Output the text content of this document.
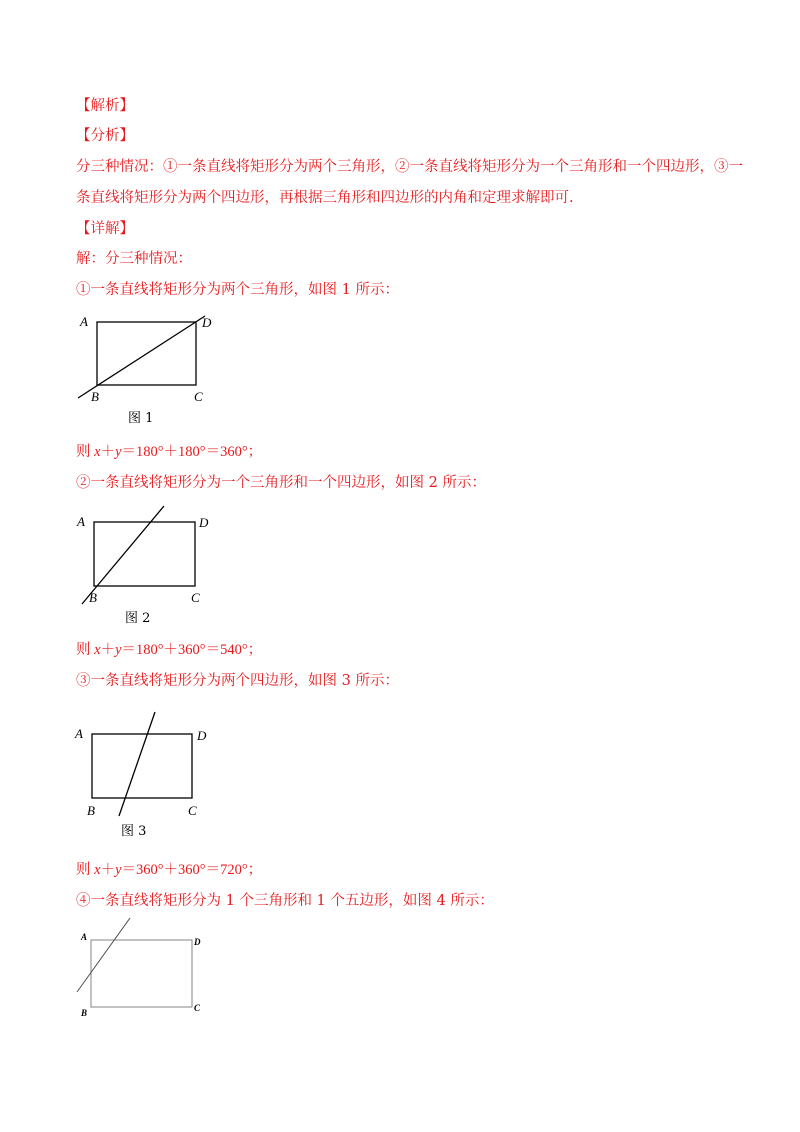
【解析】
【分析】
分三种情况：①一条直线将矩形分为两个三角形，②一条直线将矩形分为一个三角形和一个四边形，③一
条直线将矩形分为两个四边形，再根据三角形和四边形的内角和定理求解即可.
【详解】
解：分三种情况：
①一条直线将矩形分为两个三角形，如图 1 所示：
A	D
B	C
图 1
则 x＋y＝180°＋180°＝360°；
②一条直线将矩形分为一个三角形和一个四边形，如图 2 所示：
A	D
B	C
图 2
则 x＋y＝180°＋360°＝540°；
③一条直线将矩形分为两个四边形，如图 3 所示：
A	D
B	C
图 3
则 x＋y＝360°＋360°＝720°；
④一条直线将矩形分为 1 个三角形和 1 个五边形，如图 4 所示：
A	D
B	C
